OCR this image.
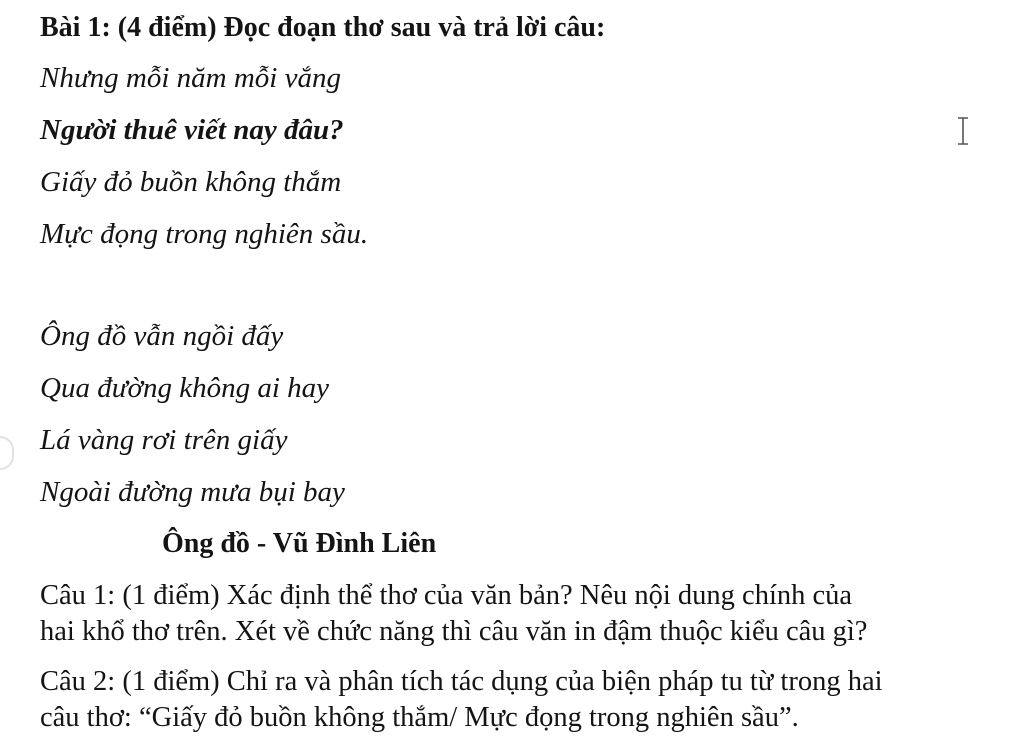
Bài 1: (4 điểm) Đọc đoạn thơ sau và trả lời câu:
Nhưng mỗi năm mỗi vắng
Người thuê viết nay đâu?
Giấy đỏ buồn không thắm
Mực đọng trong nghiên sầu.
Ông đồ vẫn ngồi đấy
Qua đường không ai hay
Lá vàng rơi trên giấy
Ngoài đường mưa bụi bay
Ông đồ - Vũ Đình Liên
Câu 1: (1 điểm) Xác định thể thơ của văn bản? Nêu nội dung chính của
hai khổ thơ trên. Xét về chức năng thì câu văn in đậm thuộc kiểu câu gì?
Câu 2: (1 điểm) Chỉ ra và phân tích tác dụng của biện pháp tu từ trong hai
câu thơ: “Giấy đỏ buồn không thắm/ Mực đọng trong nghiên sầu”.
